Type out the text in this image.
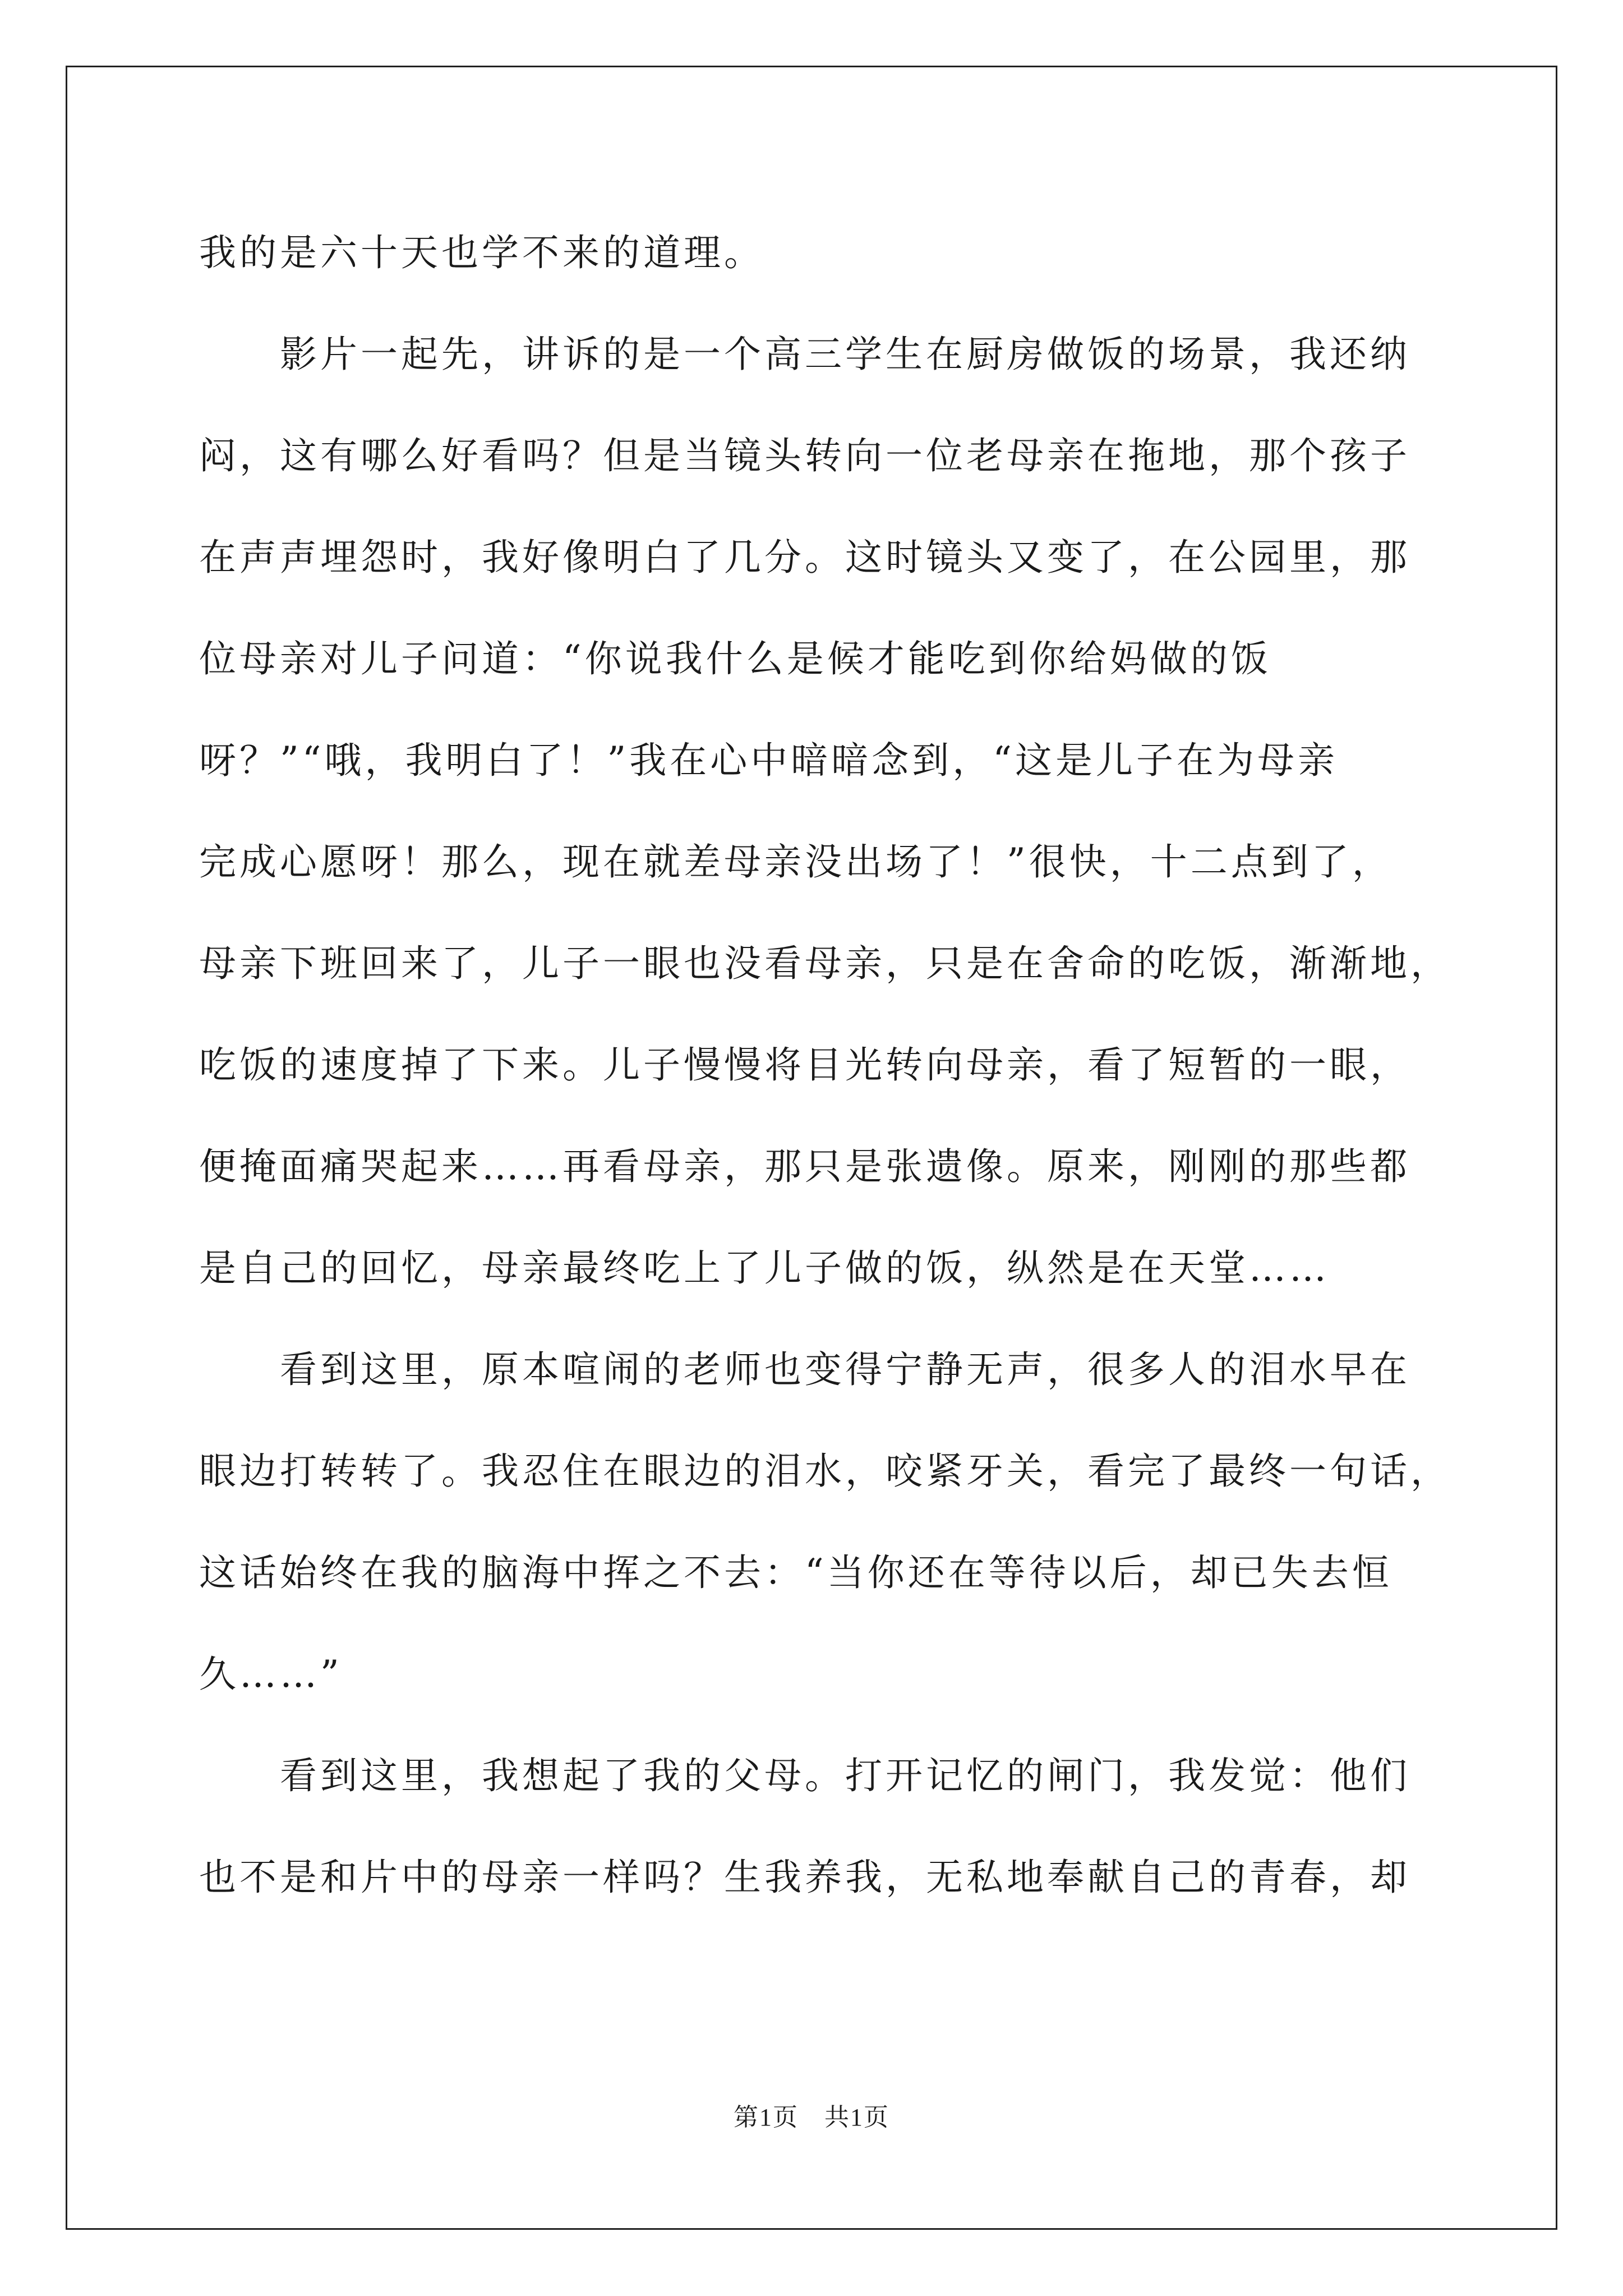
我的是六十天也学不来的道理。
　　影片一起先，讲诉的是一个高三学生在厨房做饭的场景，我还纳
闷，这有哪么好看吗？但是当镜头转向一位老母亲在拖地，那个孩子
在声声埋怨时，我好像明白了几分。这时镜头又变了，在公园里，那
位母亲对儿子问道：“你说我什么是候才能吃到你给妈做的饭
呀？”“哦，我明白了！”我在心中暗暗念到，“这是儿子在为母亲
完成心愿呀！那么，现在就差母亲没出场了！”很快，十二点到了，
母亲下班回来了，儿子一眼也没看母亲，只是在舍命的吃饭，渐渐地，
吃饭的速度掉了下来。儿子慢慢将目光转向母亲，看了短暂的一眼，
便掩面痛哭起来……再看母亲，那只是张遗像。原来，刚刚的那些都
是自己的回忆，母亲最终吃上了儿子做的饭，纵然是在天堂……
　　看到这里，原本喧闹的老师也变得宁静无声，很多人的泪水早在
眼边打转转了。我忍住在眼边的泪水，咬紧牙关，看完了最终一句话，
这话始终在我的脑海中挥之不去：“当你还在等待以后，却已失去恒
久……”
　　看到这里，我想起了我的父母。打开记忆的闸门，我发觉：他们
也不是和片中的母亲一样吗？生我养我，无私地奉献自己的青春，却
第1页　共1页
